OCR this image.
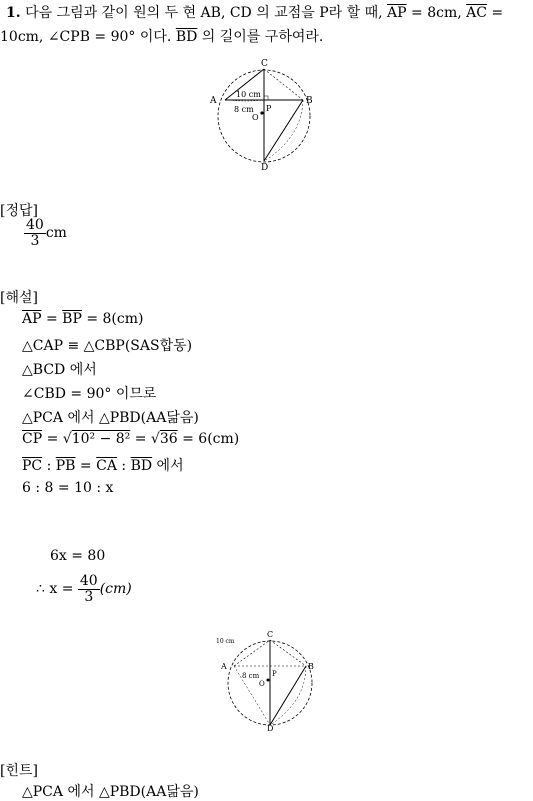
1. 다음 그림과 같이 원의 두 현 AB, CD 의 교점을 P라 할 때, $\overline{AP} = 8cm$, $\overline{AC}$ =
10cm, ∠CPB = 90° 이다. $\overline{BD}$ 의 길이를 구하여라.
A	B
C
D
O
P
10 cm
8 cm
[정답]
$\frac{40}{3}$ cm
[해설]
$\overline{AP} = \overline{BP} = 8(cm)$
△CAP ≡ △CBP(SAS합동)
△BCD 에서
∠CBD = 90° 이므로
△PCA 에서 △PBD(AA닮음)
$\overline{CP} = √10^2 - 8^2 = √36 = 6(cm)$
$\overline{PC}$ : $\overline{PB} = \overline{CA}$ : $\overline{BD}$ 에서
6 : 8 = 10 : x
6x = 80
∴ $x = \frac{40}{3} (cm)$
A	B
C
D
O
P
10 cm
8 cm
[힌트]
△PCA 에서 △PBD(AA닮음)
